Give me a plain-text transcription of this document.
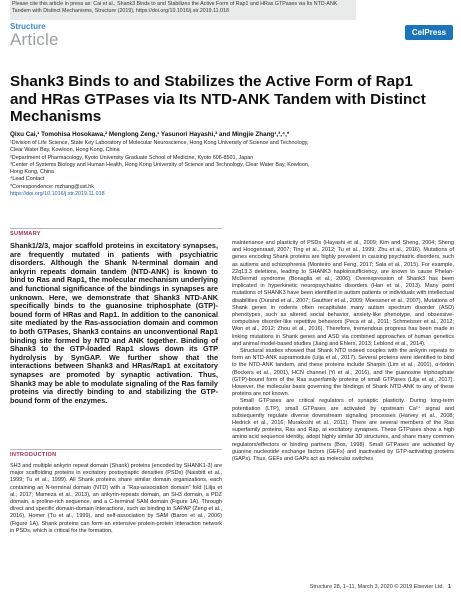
Please cite this article in press as: Cai et al., Shank3 Binds to and Stabilizes the Active Form of Rap1 and HRas GTPases via Its NTD-ANK Tandem with Distinct Mechanisms, Structure (2019), https://doi.org/10.1016/j.str.2019.11.018
Structure
Article	CelPress
Shank3 Binds to and Stabilizes the Active Form of Rap1 and HRas GTPases via Its NTD-ANK Tandem with Distinct Mechanisms
Qixu Cai,¹ Tomohisa Hosokawa,² Menglong Zeng,¹ Yasunori Hayashi,² and Mingjie Zhang¹,³,⁴,*
¹Division of Life Science, State Key Laboratory of Molecular Neuroscience, Hong Kong University of Science and Technology, Clear Water Bay, Kowloon, Hong Kong, China
²Department of Pharmacology, Kyoto University Graduate School of Medicine, Kyoto 606-8501, Japan
³Center of Systems Biology and Human Health, Hong Kong University of Science and Technology, Clear Water Bay, Kowloon, Hong Kong, China
⁴Lead Contact
*Correspondence: mzhang@ust.hk
https://doi.org/10.1016/j.str.2019.11.018
SUMMARY
Shank1/2/3, major scaffold proteins in excitatory synapses, are frequently mutated in patients with psychiatric disorders. Although the Shank N-terminal domain and ankyrin repeats domain tandem (NTD-ANK) is known to bind to Ras and Rap1, the molecular mechanism underlying and functional significance of the bindings in synapses are unknown. Here, we demonstrate that Shank3 NTD-ANK specifically binds to the guanosine triphosphate (GTP)-bound form of HRas and Rap1. In addition to the canonical site mediated by the Ras-association domain and common to both GTPases, Shank3 contains an unconventional Rap1 binding site formed by NTD and ANK together. Binding of Shank3 to the GTP-loaded Rap1 slows down its GTP hydrolysis by SynGAP. We further show that the interactions between Shank3 and HRas/Rap1 at excitatory synapses are promoted by synaptic activation. Thus, Shank3 may be able to modulate signaling of the Ras family proteins via directly binding to and stabilizing the GTP-bound form of the enzymes.
INTRODUCTION

SH3 and multiple ankyrin repeat domain (Shank) proteins (encoded by SHANK1-3) are major scaffolding proteins in excitatory postsynaptic densities (PSDs) (Naisbitt et al., 1999; Tu et al., 1999). All Shank proteins share similar domain organizations, each containing an N-terminal domain (NTD) with a “Ras-association domain” fold (Lilja et al., 2017; Mameza et al., 2013), an ankyrin-repeats domain, an SH3 domain, a PDZ domain, a proline-rich sequence, and a C-terminal SAM domain (Figure 1A). Through direct and specific domain-domain interactions, such as binding to SAPAP (Zeng et al., 2016), Homer (Tu et al., 1999), and self-association by SAM (Baron et al., 2006) (Figure 1A), Shank proteins can form an extensive protein-protein interaction network in PSDs, which is critical for the formation,

maintenance and plasticity of PSDs (Hayashi et al., 2009; Kim and Sheng, 2004; Sheng and Hoogenraad, 2007; Ting et al., 2012; Tu et al., 1999; Zhu et al., 2016). Mutations of genes encoding Shank proteins are highly prevalent in causing psychiatric disorders, such as autisms and schizophrenia (Monteiro and Feng, 2017; Sala et al., 2015). For example, 22q13.3 deletions, leading to SHANK3 haploinsufficiency, are known to cause Phelan-McDermid syndrome (Bonaglia et al., 2006). Overexpression of Shank3 has been implicated in hyperkinetic neuropsychiatric disorders (Han et al., 2013). Many point mutations of SHANK3 have been identified in autism patients or individuals with intellectual disabilities (Durand et al., 2007; Gauthier et al., 2009; Moessner et al., 2007). Mutations of Shank genes in rodents often recapitulate many autism spectrum disorder (ASD) phenotypes, such as altered social behavior, anxiety-like phenotype, and obsessive-compulsive disorder-like repetitive behaviors (Peca et al., 2011; Schmeisser et al., 2012; Won et al., 2012; Zhou et al., 2016). Therefore, tremendous progress has been made in linking mutations in Shank genes and ASD via combined approaches of human genetics and animal model-based studies (Jiang and Ehlers, 2013; Leblond et al., 2014).

Structural studies showed that Shank NTD indeed couples with the ankyrin repeats to form an NTD-ANK supramodule (Lilja et al., 2017). Several proteins were identified to bind to the NTD-ANK tandem, and these proteins include Sharpin (Lim et al., 2001), α-fodrin (Bockers et al., 2001), HCN channel (Yi et al., 2016), and the guanosine triphosphate (GTP)-bound form of the Ras superfamily proteins of small GTPases (Lilja et al., 2017). However, the molecular basis governing the bindings of Shank NTD-ANK to any of these proteins are not known.

Small GTPases are critical regulators of synaptic plasticity. During long-term potentiation (LTP), small GTPases are activated by upstream Ca²⁺ signal and subsequently regulate diverse downstream signaling processes (Harvey et al., 2008; Hedrick et al., 2016; Murakoshi et al., 2011). There are several members of the Ras superfamily proteins, Ras and Rap, at excitatory synapses. These GTPases show a high amino acid sequence identity, adopt highly similar 3D structures, and share many common regulators/effectors or binding partners (Bos, 1998). Small GTPases are activated by guanine nucleotide exchange factors (GEFs) and inactivated by GTP-activating proteins (GAPs). Thus, GEFs and GAPs act as molecular switches

Structure 28, 1–11, March 3, 2020 © 2019 Elsevier Ltd. 1
